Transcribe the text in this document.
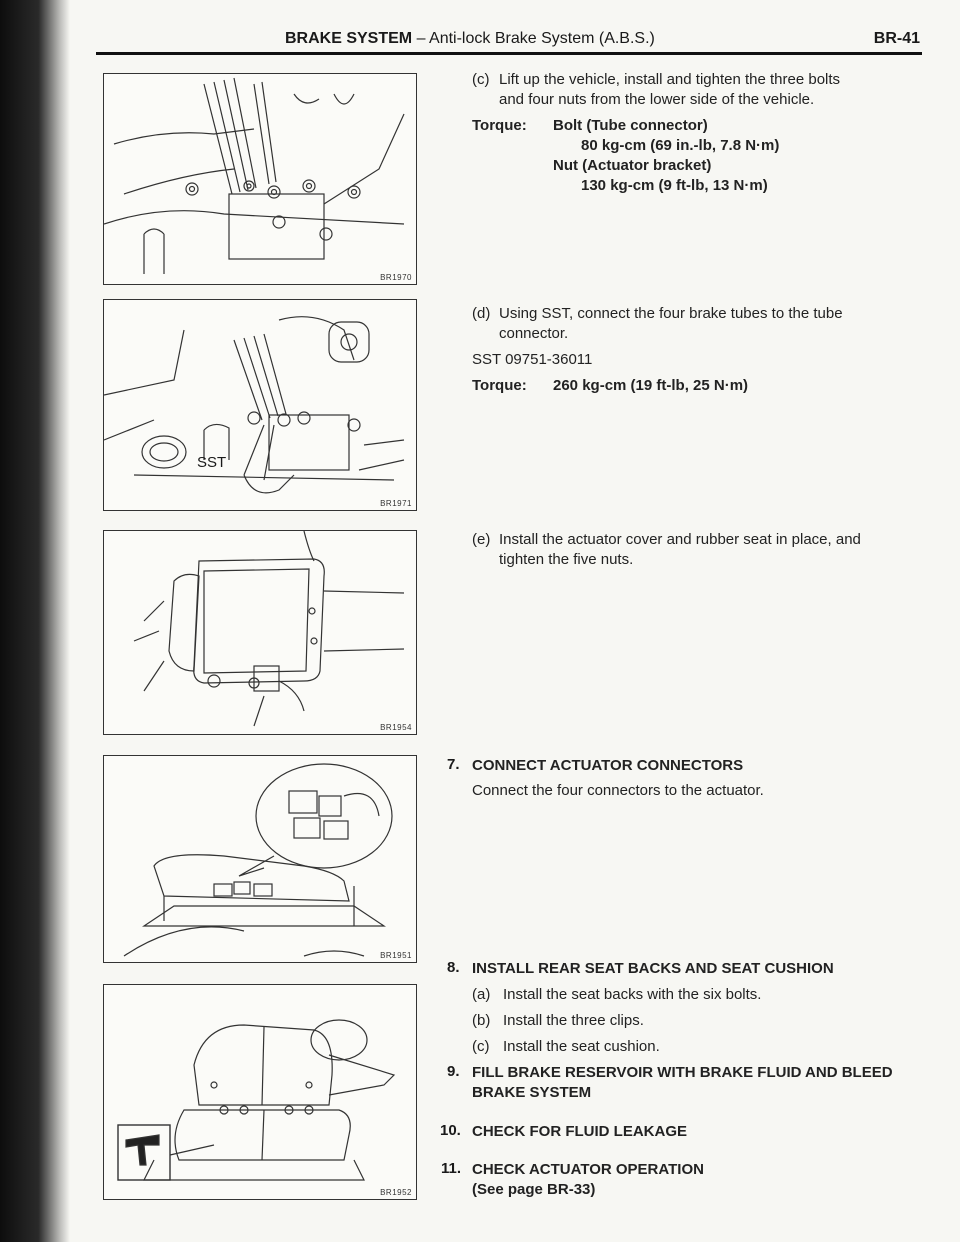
BRAKE SYSTEM – Anti-lock Brake System (A.B.S.)	BR-41
BR1970
SST
BR1971
BR1954
BR1951
BR1952
(c) Lift up the vehicle, install and tighten the three bolts
and four nuts from the lower side of the vehicle.
Torque: Bolt (Tube connector)
80 kg-cm (69 in.-lb, 7.8 N·m)
Nut (Actuator bracket)
130 kg-cm (9 ft-lb, 13 N·m)
(d) Using SST, connect the four brake tubes to the tube
connector.
SST 09751-36011
Torque: 260 kg-cm (19 ft-lb, 25 N·m)
(e) Install the actuator cover and rubber seat in place, and
tighten the five nuts.
7. CONNECT ACTUATOR CONNECTORS
Connect the four connectors to the actuator.
8. INSTALL REAR SEAT BACKS AND SEAT CUSHION
(a) Install the seat backs with the six bolts.
(b) Install the three clips.
(c) Install the seat cushion.
9. FILL BRAKE RESERVOIR WITH BRAKE FLUID AND BLEED
BRAKE SYSTEM
10. CHECK FOR FLUID LEAKAGE
11. CHECK ACTUATOR OPERATION
(See page BR-33)
